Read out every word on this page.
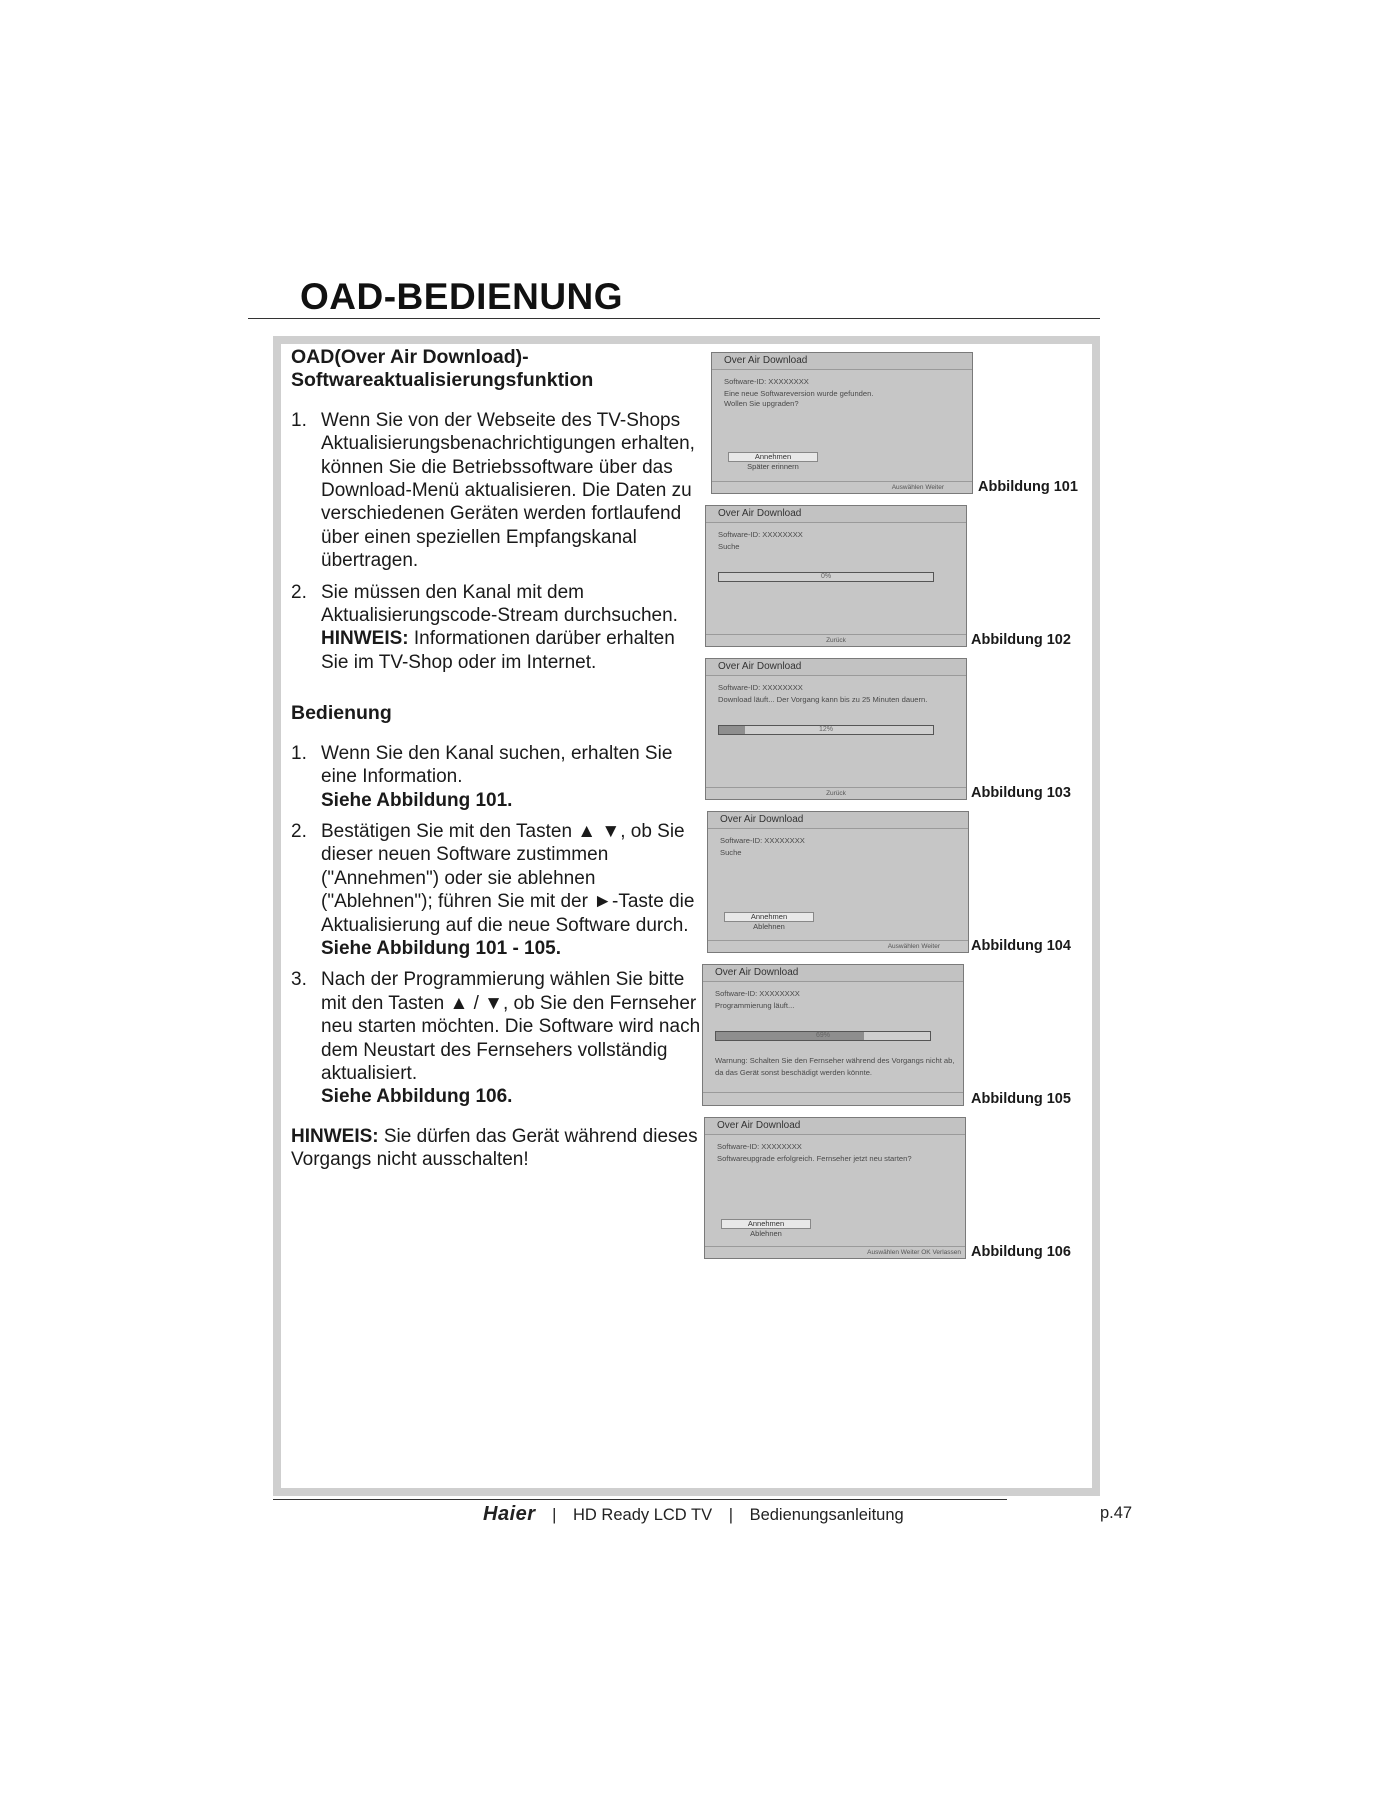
OAD-BEDIENUNG

OAD(Over Air Download)-
Softwareaktualisierungsfunktion

1. Wenn Sie von der Webseite des TV-Shops Aktualisierungsbenachrichtigungen erhalten, können Sie die Betriebssoftware über das Download-Menü aktualisieren. Die Daten zu verschiedenen Geräten werden fortlaufend über einen speziellen Empfangskanal übertragen.

2. Sie müssen den Kanal mit dem Aktualisierungscode-Stream durchsuchen.
HINWEIS: Informationen darüber erhalten Sie im TV-Shop oder im Internet.

Bedienung

1. Wenn Sie den Kanal suchen, erhalten Sie eine Information.
Siehe Abbildung 101.

2. Bestätigen Sie mit den Tasten ▲ ▼, ob Sie dieser neuen Software zustimmen ("Annehmen") oder sie ablehnen ("Ablehnen"); führen Sie mit der ►-Taste die Aktualisierung auf die neue Software durch.
Siehe Abbildung 101 - 105.

3. Nach der Programmierung wählen Sie bitte mit den Tasten ▲ / ▼, ob Sie den Fernseher neu starten möchten. Die Software wird nach dem Neustart des Fernsehers vollständig aktualisiert.
Siehe Abbildung 106.

HINWEIS: Sie dürfen das Gerät während dieses Vorgangs nicht ausschalten!

Over Air Download
Software-ID: XXXXXXXX
Eine neue Softwareversion wurde gefunden.
Wollen Sie upgraden?
Annehmen
Später erinnern
Auswählen Weiter	Abbildung 101
Over Air Download
Software-ID: XXXXXXXX
Suche
0%
Zurück	Abbildung 102
Over Air Download
Software-ID: XXXXXXXX
Download läuft... Der Vorgang kann bis zu 25 Minuten dauern.
12%
Zurück	Abbildung 103
Over Air Download
Software-ID: XXXXXXXX
Suche
Annehmen
Ablehnen
Auswählen Weiter	Abbildung 104
Over Air Download
Software-ID: XXXXXXXX
Programmierung läuft...
69%
Warnung: Schalten Sie den Fernseher während des Vorgangs nicht ab, da das Gerät sonst beschädigt werden könnte.
Abbildung 105
Over Air Download
Software-ID: XXXXXXXX
Softwareupgrade erfolgreich. Fernseher jetzt neu starten?
Annehmen
Ablehnen
Auswählen Weiter OK Verlassen Abbildung 106
Haier | HD Ready LCD TV | Bedienungsanleitung	p.47
